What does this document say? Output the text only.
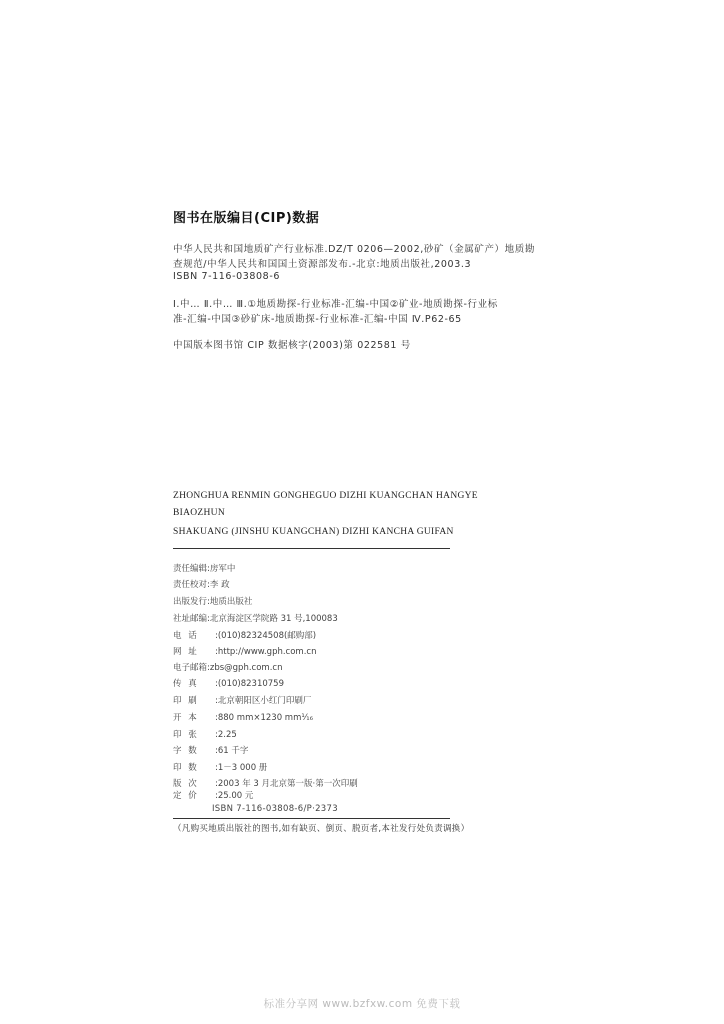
图书在版编目(CIP)数据
中华人民共和国地质矿产行业标准.DZ/T 0206—2002,砂矿（金属矿产）地质勘
查规范/中华人民共和国国土资源部发布.-北京:地质出版社,2003.3
ISBN 7-116-03808-6
Ⅰ.中… Ⅱ.中… Ⅲ.①地质勘探-行业标准-汇编-中国②矿业-地质勘探-行业标
准-汇编-中国③砂矿床-地质勘探-行业标准-汇编-中国 Ⅳ.P62-65
中国版本图书馆 CIP 数据核字(2003)第 022581 号
ZHONGHUA RENMIN GONGHEGUO DIZHI KUANGCHAN HANGYE
BIAOZHUN
SHAKUANG (JINSHU KUANGCHAN) DIZHI KANCHA GUIFAN
责任编辑:房军中
责任校对:李 政
出版发行:地质出版社
社址邮编:北京海淀区学院路 31 号,100083
电 话 :(010)82324508(邮购部)
网 址 :http://www.gph.com.cn
电子邮箱:zbs@gph.com.cn
传 真 :(010)82310759
印 刷 :北京朝阳区小红门印刷厂
开 本 :880 mm×1230 mm¹⁄₁₆
印 张 :2.25
字 数 :61 千字
印 数 :1－3 000 册
版 次 :2003 年 3 月北京第一版·第一次印刷
定 价 :25.00 元
ISBN 7-116-03808-6/P·2373
（凡购买地质出版社的图书,如有缺页、倒页、脱页者,本社发行处负责调换）
标准分享网 www.bzfxw.com 免费下载
